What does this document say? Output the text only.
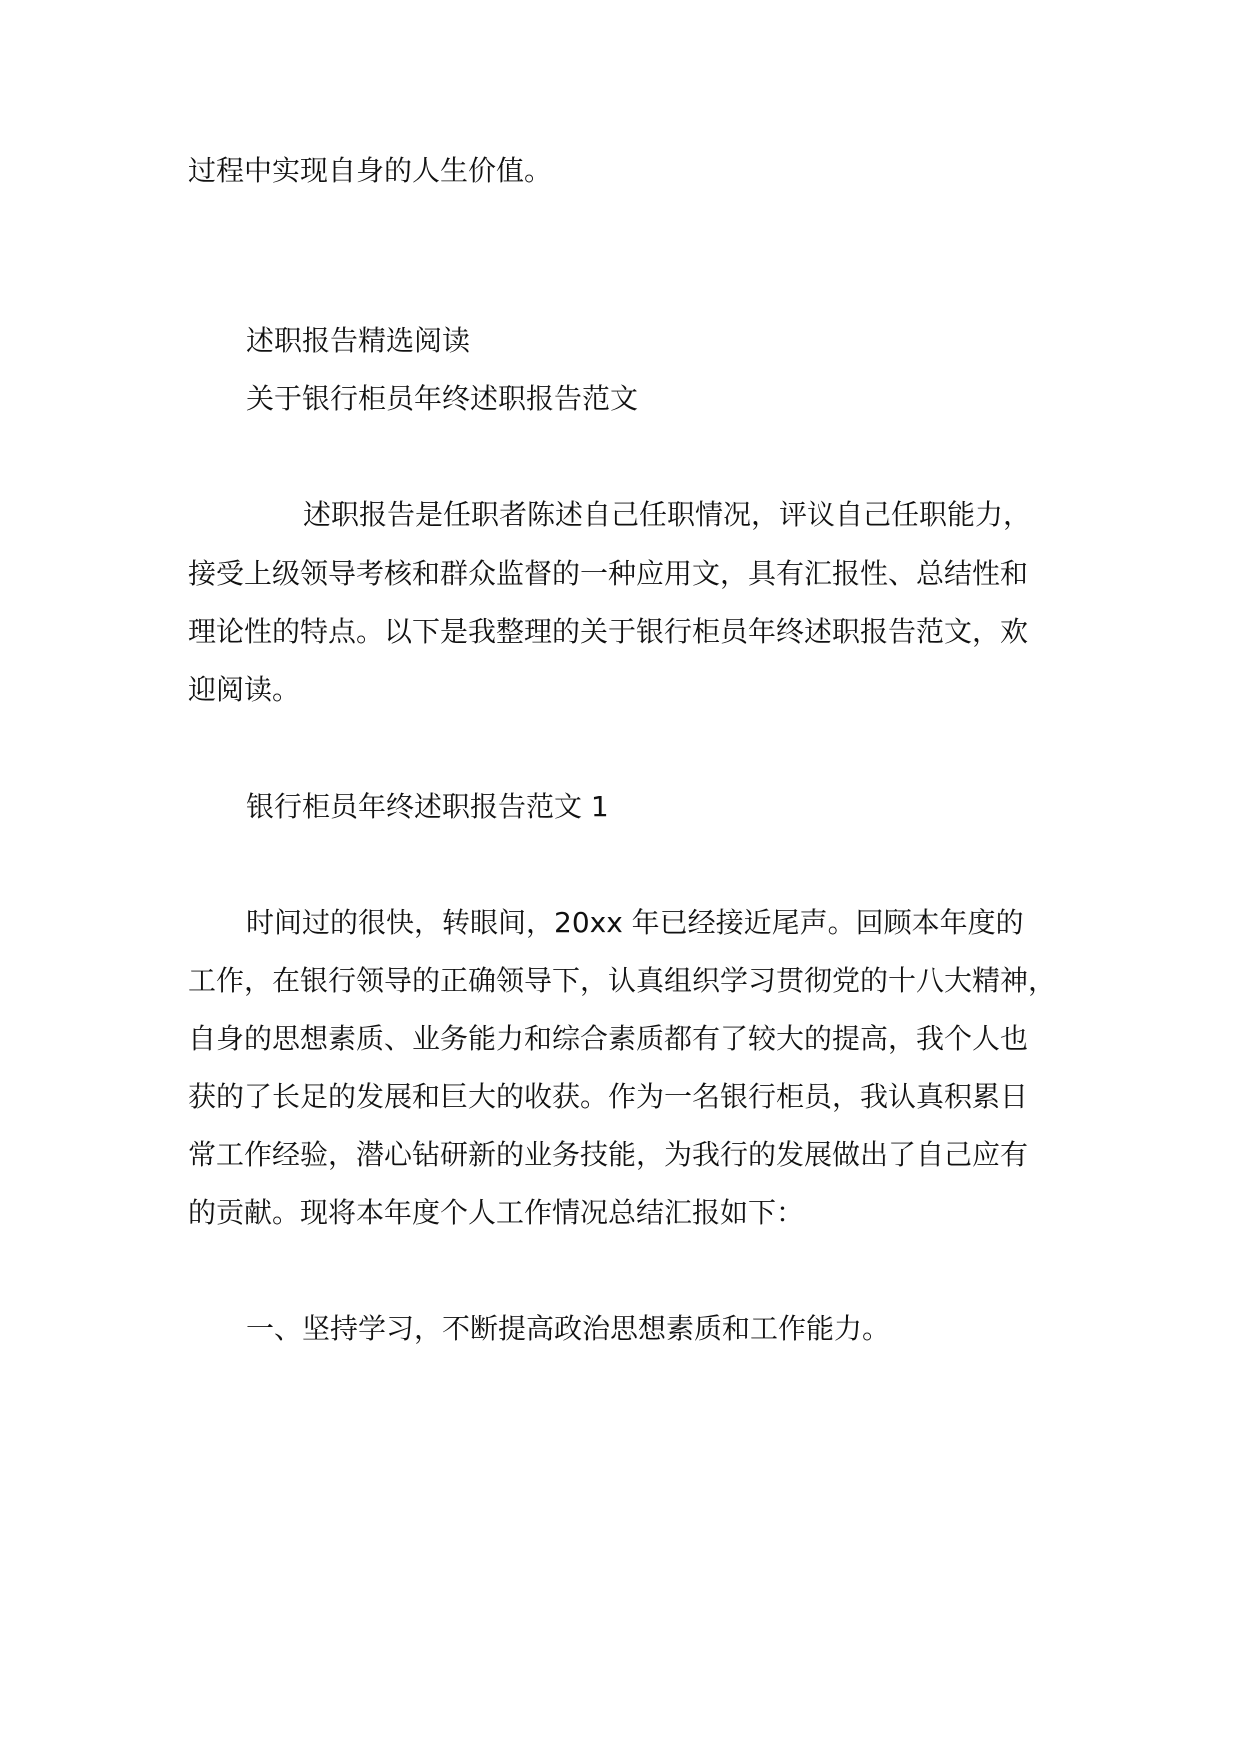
过程中实现自身的人生价值。
述职报告精选阅读
关于银行柜员年终述职报告范文
述职报告是任职者陈述自己任职情况，评议自己任职能力，
接受上级领导考核和群众监督的一种应用文，具有汇报性、总结性和
理论性的特点。以下是我整理的关于银行柜员年终述职报告范文，欢
迎阅读。
银行柜员年终述职报告范文 1
时间过的很快，转眼间，20xx 年已经接近尾声。回顾本年度的
工作，在银行领导的正确领导下，认真组织学习贯彻党的十八大精神，
自身的思想素质、业务能力和综合素质都有了较大的提高，我个人也
获的了长足的发展和巨大的收获。作为一名银行柜员，我认真积累日
常工作经验，潜心钻研新的业务技能，为我行的发展做出了自己应有
的贡献。现将本年度个人工作情况总结汇报如下：
一、坚持学习，不断提高政治思想素质和工作能力。
